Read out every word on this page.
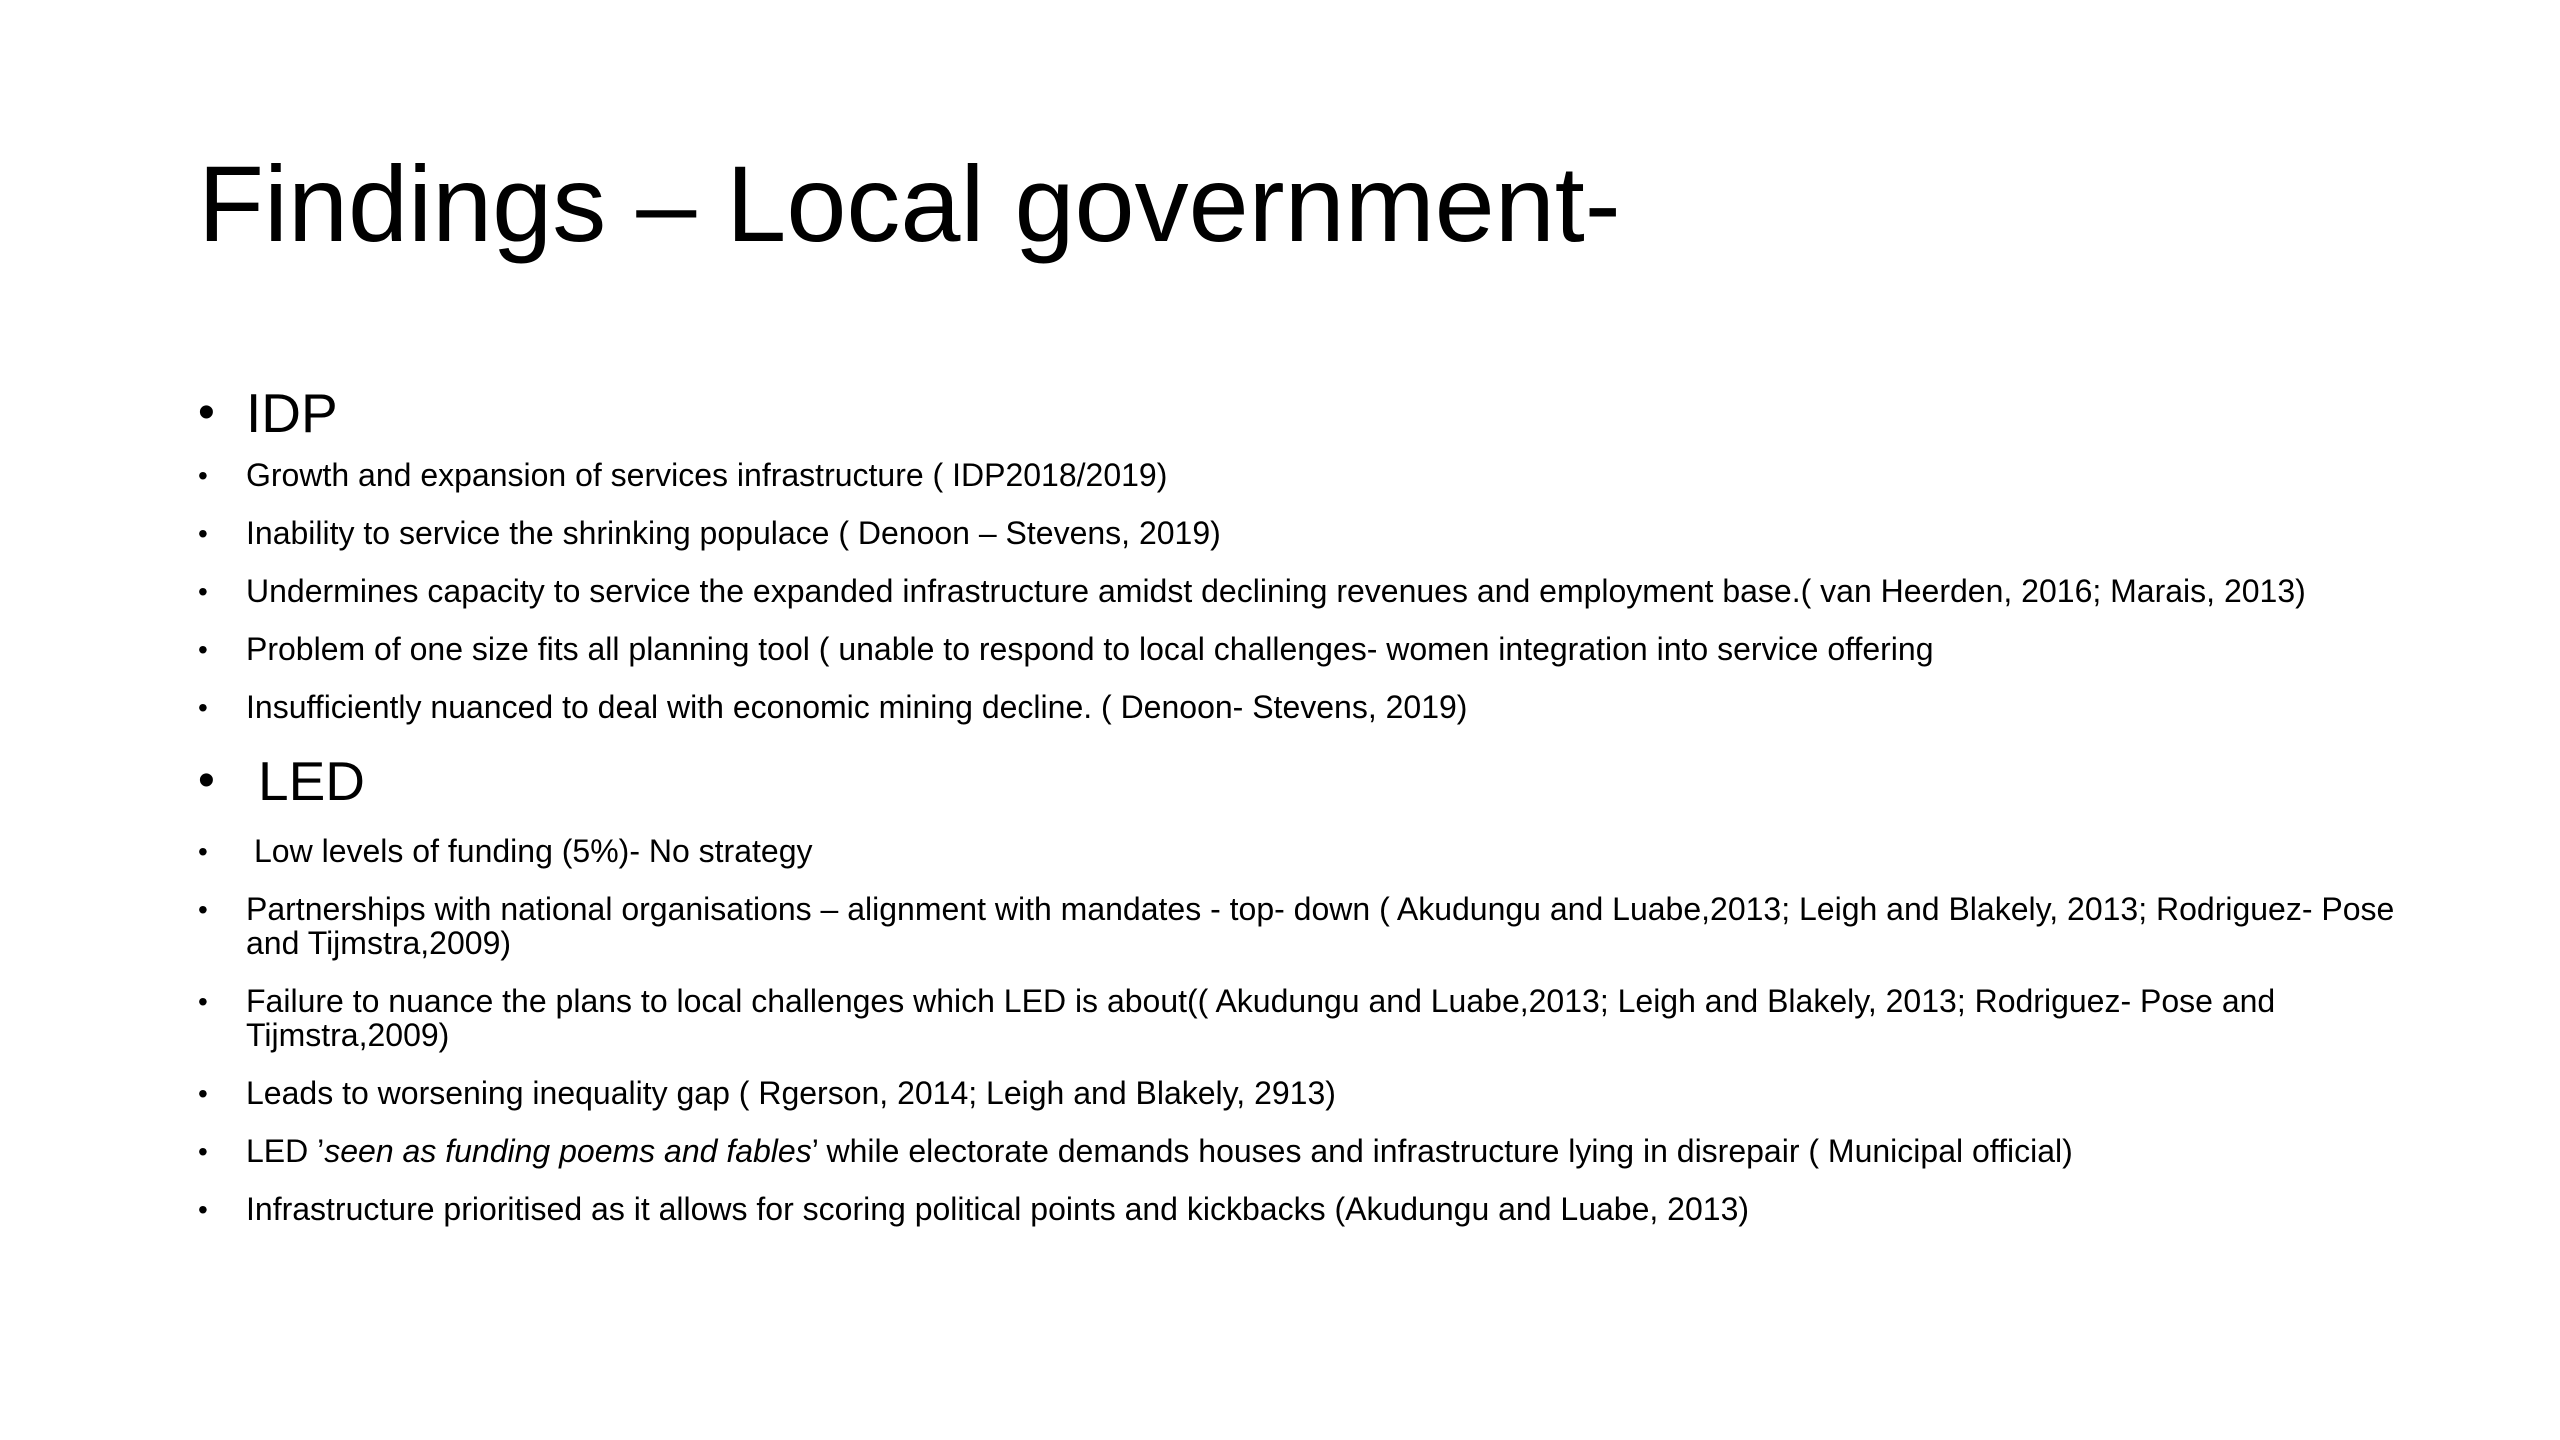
Findings – Local government-
• IDP
• Growth and expansion of services infrastructure ( IDP2018/2019)
• Inability to service the shrinking populace ( Denoon – Stevens, 2019)
• Undermines capacity to service the expanded infrastructure amidst declining revenues and employment base.( van Heerden, 2016; Marais, 2013)
• Problem of one size fits all planning tool ( unable to respond to local challenges- women integration into service offering
• Insufficiently nuanced to deal with economic mining decline. ( Denoon- Stevens, 2019)
• LED
• Low levels of funding (5%)- No strategy
• Partnerships with national organisations – alignment with mandates - top- down ( Akudungu and Luabe,2013; Leigh and Blakely, 2013; Rodriguez- Pose and Tijmstra,2009)
• Failure to nuance the plans to local challenges which LED is about(( Akudungu and Luabe,2013; Leigh and Blakely, 2013; Rodriguez- Pose and Tijmstra,2009)
• Leads to worsening inequality gap ( Rgerson, 2014; Leigh and Blakely, 2913)
• LED ’seen as funding poems and fables’ while electorate demands houses and infrastructure lying in disrepair ( Municipal official)
• Infrastructure prioritised as it allows for scoring political points and kickbacks (Akudungu and Luabe, 2013)
